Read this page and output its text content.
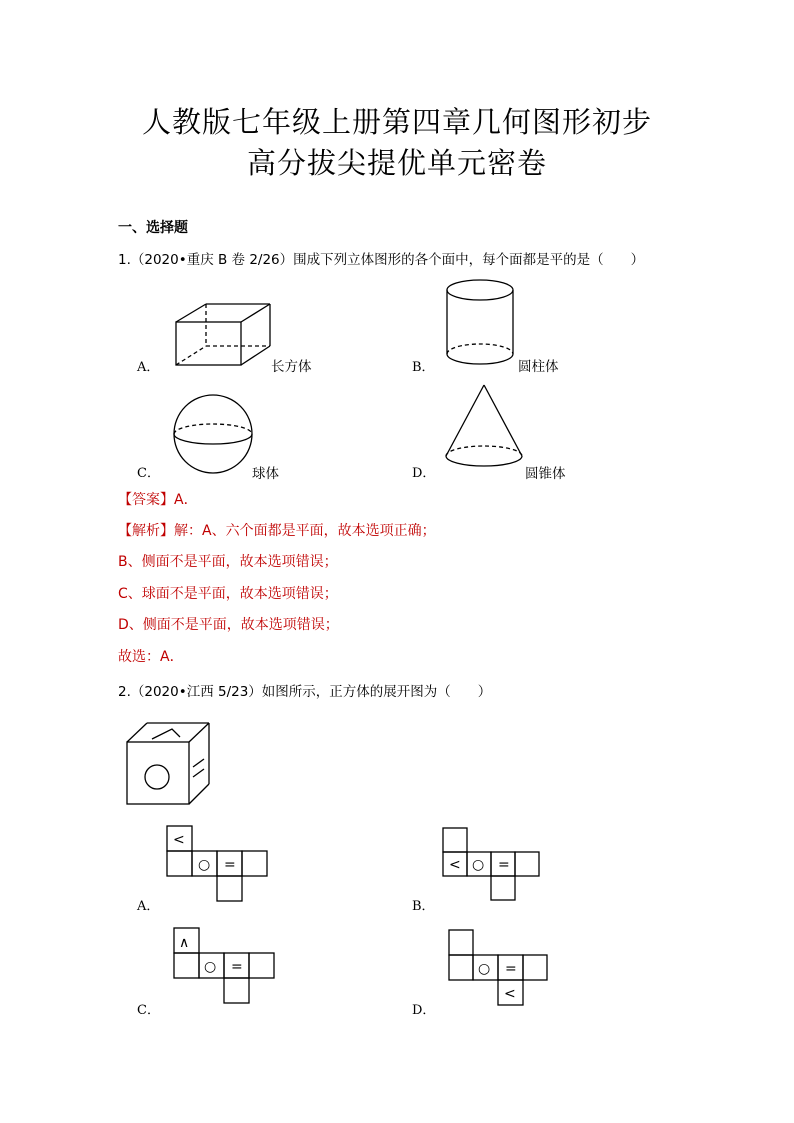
人教版七年级上册第四章几何图形初步
高分拔尖提优单元密卷
一、选择题
1.（2020•重庆 B 卷 2/26）围成下列立体图形的各个面中，每个面都是平的是（　　）
A．	长方体	B．	圆柱体
C．	球体	D．	圆锥体
【答案】A．
【解析】解：A、六个面都是平面，故本选项正确；
B、侧面不是平面，故本选项错误；
C、球面不是平面，故本选项错误；
D、侧面不是平面，故本选项错误；
故选：A．
2.（2020•江西 5/23）如图所示，正方体的展开图为（　　）
A．
<
○ =
B．
< ○ =
C．
∧
○ =
D．
○ =
<
